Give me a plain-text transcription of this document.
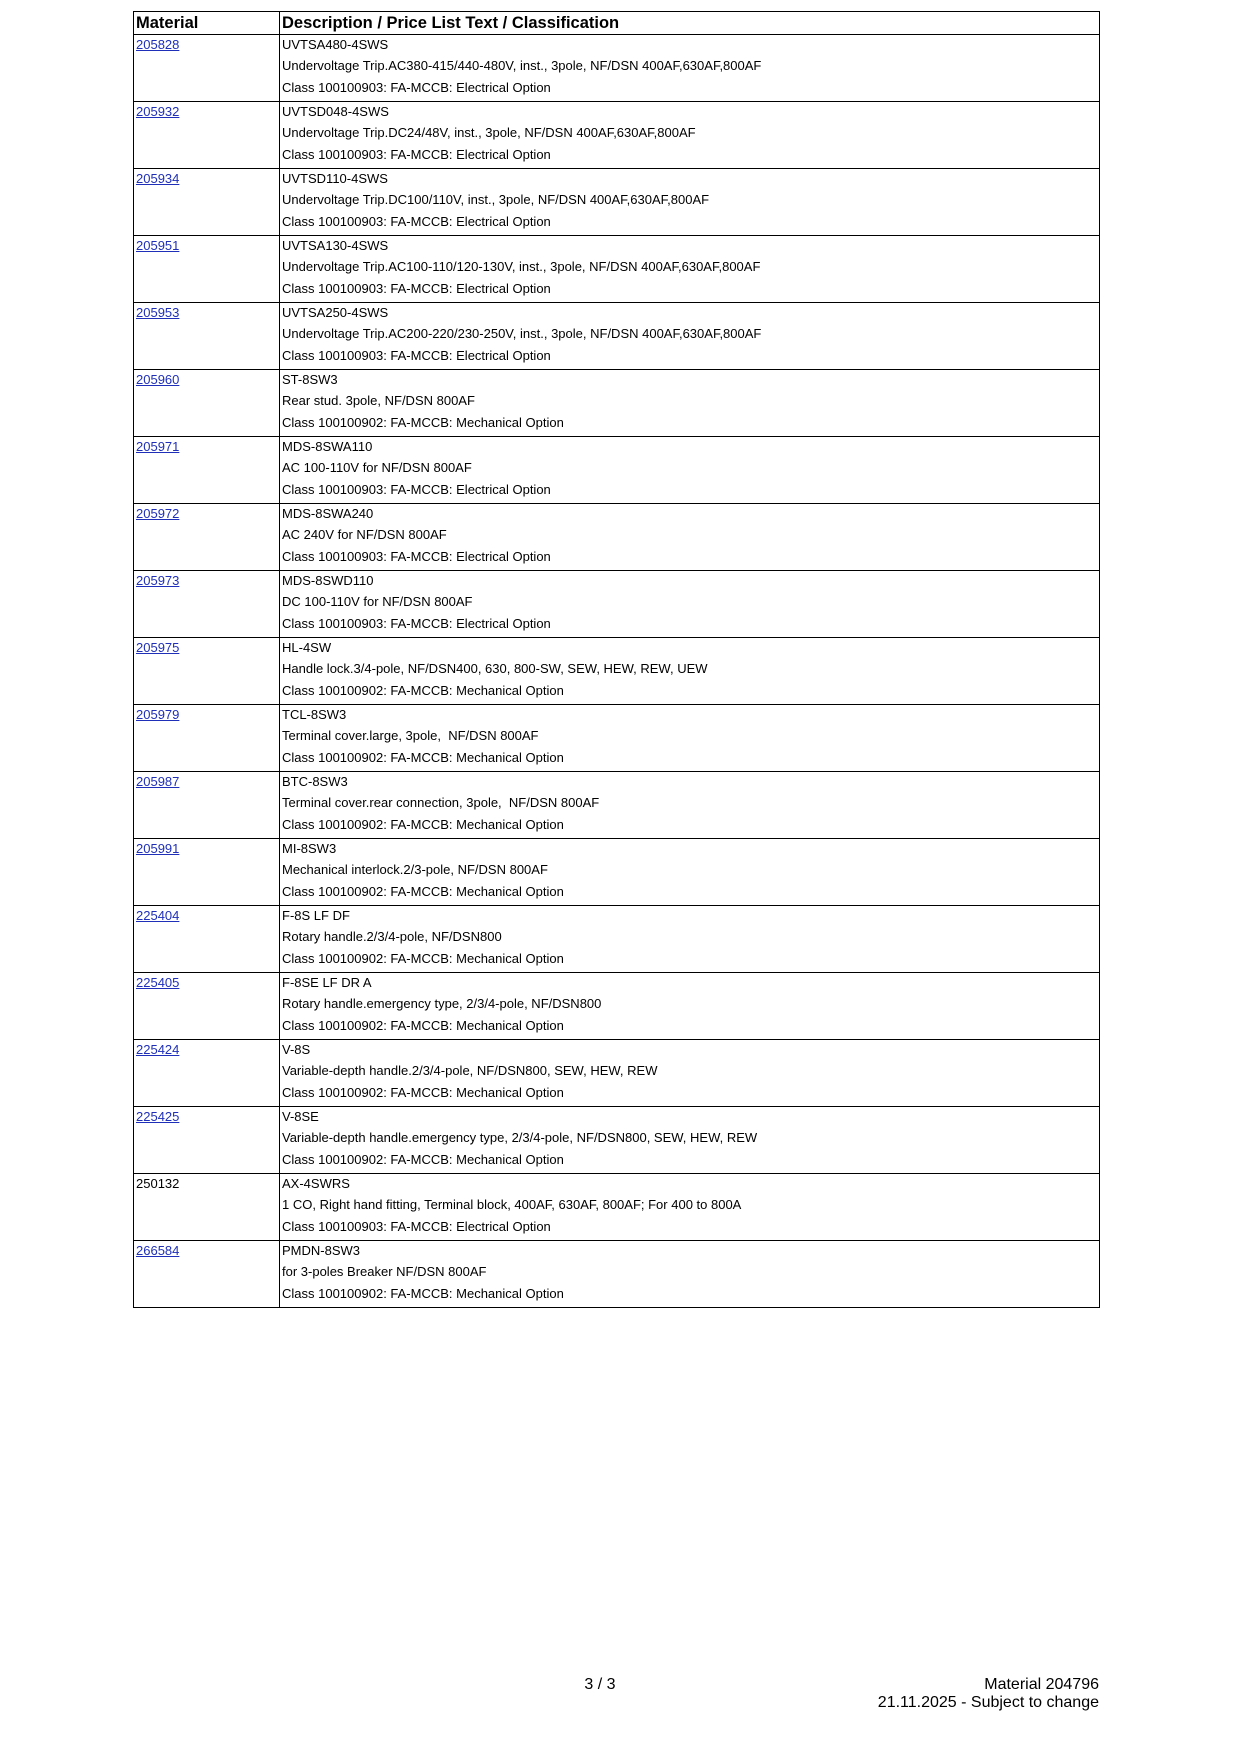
Material	Description / Price List Text / Classification

205828	UVTSA480-4SWS
Undervoltage Trip.AC380-415/440-480V, inst., 3pole, NF/DSN 400AF,630AF,800AF
Class 100100903: FA-MCCB: Electrical Option

205932	UVTSD048-4SWS
Undervoltage Trip.DC24/48V, inst., 3pole, NF/DSN 400AF,630AF,800AF
Class 100100903: FA-MCCB: Electrical Option

205934	UVTSD110-4SWS
Undervoltage Trip.DC100/110V, inst., 3pole, NF/DSN 400AF,630AF,800AF
Class 100100903: FA-MCCB: Electrical Option

205951	UVTSA130-4SWS
Undervoltage Trip.AC100-110/120-130V, inst., 3pole, NF/DSN 400AF,630AF,800AF
Class 100100903: FA-MCCB: Electrical Option

205953	UVTSA250-4SWS
Undervoltage Trip.AC200-220/230-250V, inst., 3pole, NF/DSN 400AF,630AF,800AF
Class 100100903: FA-MCCB: Electrical Option

205960	ST-8SW3
Rear stud. 3pole, NF/DSN 800AF
Class 100100902: FA-MCCB: Mechanical Option

205971	MDS-8SWA110
AC 100-110V for NF/DSN 800AF
Class 100100903: FA-MCCB: Electrical Option

205972	MDS-8SWA240
AC 240V for NF/DSN 800AF
Class 100100903: FA-MCCB: Electrical Option

205973	MDS-8SWD110
DC 100-110V for NF/DSN 800AF
Class 100100903: FA-MCCB: Electrical Option

205975	HL-4SW
Handle lock.3/4-pole, NF/DSN400, 630, 800-SW, SEW, HEW, REW, UEW
Class 100100902: FA-MCCB: Mechanical Option

205979	TCL-8SW3
Terminal cover.large, 3pole,  NF/DSN 800AF
Class 100100902: FA-MCCB: Mechanical Option

205987	BTC-8SW3
Terminal cover.rear connection, 3pole,  NF/DSN 800AF
Class 100100902: FA-MCCB: Mechanical Option

205991	MI-8SW3
Mechanical interlock.2/3-pole, NF/DSN 800AF
Class 100100902: FA-MCCB: Mechanical Option

225404	F-8S LF DF
Rotary handle.2/3/4-pole, NF/DSN800
Class 100100902: FA-MCCB: Mechanical Option

225405	F-8SE LF DR A
Rotary handle.emergency type, 2/3/4-pole, NF/DSN800
Class 100100902: FA-MCCB: Mechanical Option

225424	V-8S
Variable-depth handle.2/3/4-pole, NF/DSN800, SEW, HEW, REW
Class 100100902: FA-MCCB: Mechanical Option

225425	V-8SE
Variable-depth handle.emergency type, 2/3/4-pole, NF/DSN800, SEW, HEW, REW
Class 100100902: FA-MCCB: Mechanical Option

250132	AX-4SWRS
1 CO, Right hand fitting, Terminal block, 400AF, 630AF, 800AF; For 400 to 800A
Class 100100903: FA-MCCB: Electrical Option

266584	PMDN-8SW3
for 3-poles Breaker NF/DSN 800AF
Class 100100902: FA-MCCB: Mechanical Option
3 / 3	Material 204796
21.11.2025 - Subject to change
